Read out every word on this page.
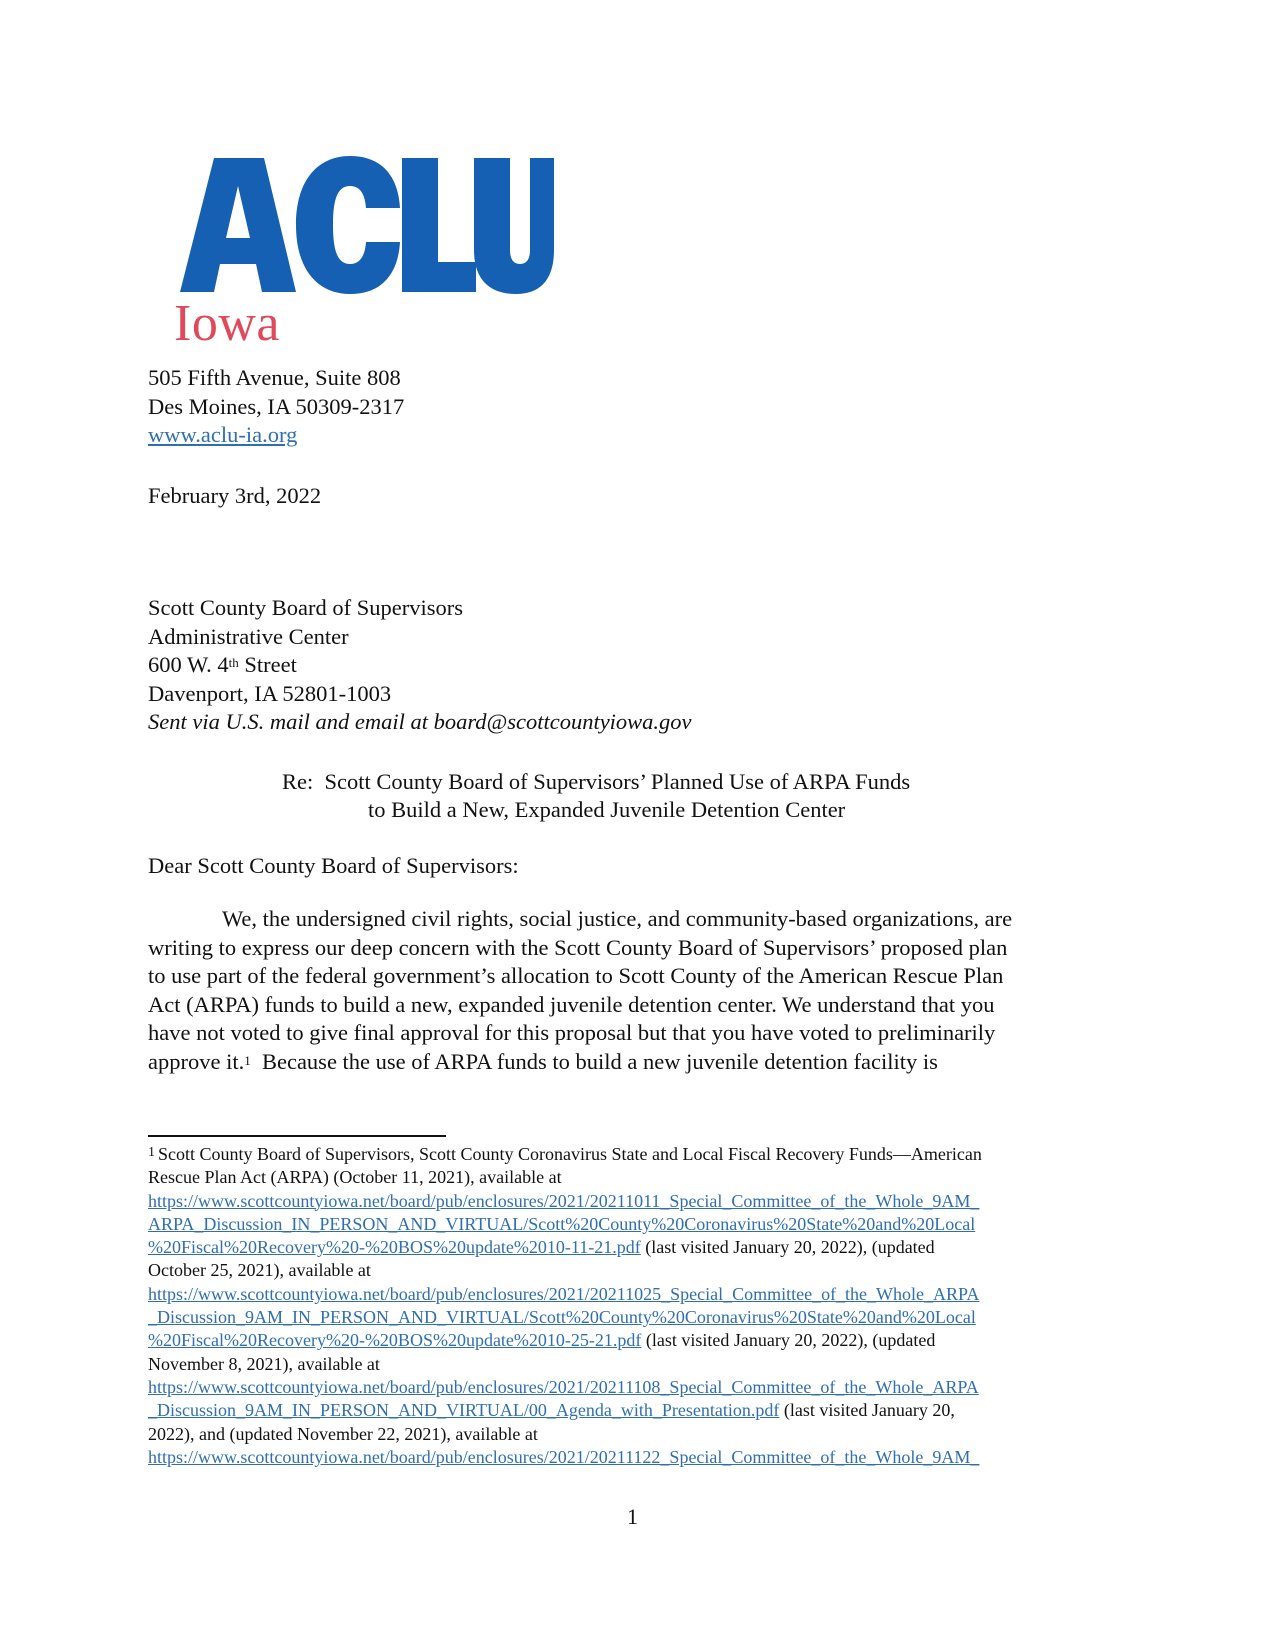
Iowa
505 Fifth Avenue, Suite 808
Des Moines, IA 50309-2317
www.aclu-ia.org
February 3rd, 2022
Scott County Board of Supervisors
Administrative Center
600 W. 4th Street
Davenport, IA 52801-1003
Sent via U.S. mail and email at board@scottcountyiowa.gov
Re:  Scott County Board of Supervisors’ Planned Use of ARPA Funds
to Build a New, Expanded Juvenile Detention Center
Dear Scott County Board of Supervisors:
We, the undersigned civil rights, social justice, and community-based organizations, are
writing to express our deep concern with the Scott County Board of Supervisors’ proposed plan
to use part of the federal government’s allocation to Scott County of the American Rescue Plan
Act (ARPA) funds to build a new, expanded juvenile detention center. We understand that you
have not voted to give final approval for this proposal but that you have voted to preliminarily
approve it.$^1$  Because the use of ARPA funds to build a new juvenile detention facility is
$^1$ Scott County Board of Supervisors, Scott County Coronavirus State and Local Fiscal Recovery Funds—American
Rescue Plan Act (ARPA) (October 11, 2021), available at
https://www.scottcountyiowa.net/board/pub/enclosures/2021/20211011_Special_Committee_of_the_Whole_9AM_
ARPA_Discussion_IN_PERSON_AND_VIRTUAL/Scott%20County%20Coronavirus%20State%20and%20Local
%20Fiscal%20Recovery%20-%20BOS%20update%2010-11-21.pdf (last visited January 20, 2022), (updated
October 25, 2021), available at
https://www.scottcountyiowa.net/board/pub/enclosures/2021/20211025_Special_Committee_of_the_Whole_ARPA
_Discussion_9AM_IN_PERSON_AND_VIRTUAL/Scott%20County%20Coronavirus%20State%20and%20Local
%20Fiscal%20Recovery%20-%20BOS%20update%2010-25-21.pdf (last visited January 20, 2022), (updated
November 8, 2021), available at
https://www.scottcountyiowa.net/board/pub/enclosures/2021/20211108_Special_Committee_of_the_Whole_ARPA
_Discussion_9AM_IN_PERSON_AND_VIRTUAL/00_Agenda_with_Presentation.pdf (last visited January 20,
2022), and (updated November 22, 2021), available at
https://www.scottcountyiowa.net/board/pub/enclosures/2021/20211122_Special_Committee_of_the_Whole_9AM_
1
